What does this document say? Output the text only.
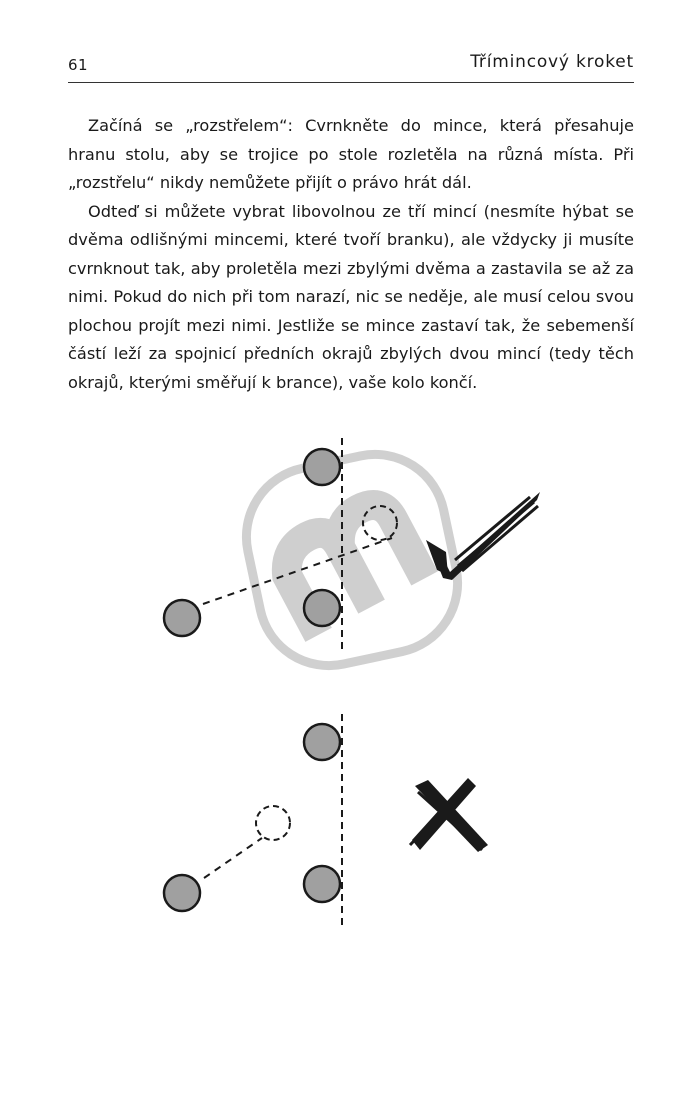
61	Třímincový kroket

Začíná se „rozstřelem“: Cvrnkněte do mince, která přesahuje hranu stolu, aby se trojice po stole rozletěla na různá místa. Při „rozstřelu“ nikdy nemůžete přijít o právo hrát dál.

Odteď si můžete vybrat libovolnou ze tří mincí (nesmíte hýbat se dvěma odlišnými mincemi, které tvoří branku), ale vždycky ji musíte cvrnknout tak, aby proletěla mezi zbylými dvěma a zastavila se až za nimi. Pokud do nich při tom narazí, nic se neděje, ale musí celou svou plochou projít mezi nimi. Jestliže se mince zastaví tak, že sebemenší částí leží za spojnicí předních okrajů zbylých dvou mincí (tedy těch okrajů, kterými směřují k brance), vaše kolo končí.
